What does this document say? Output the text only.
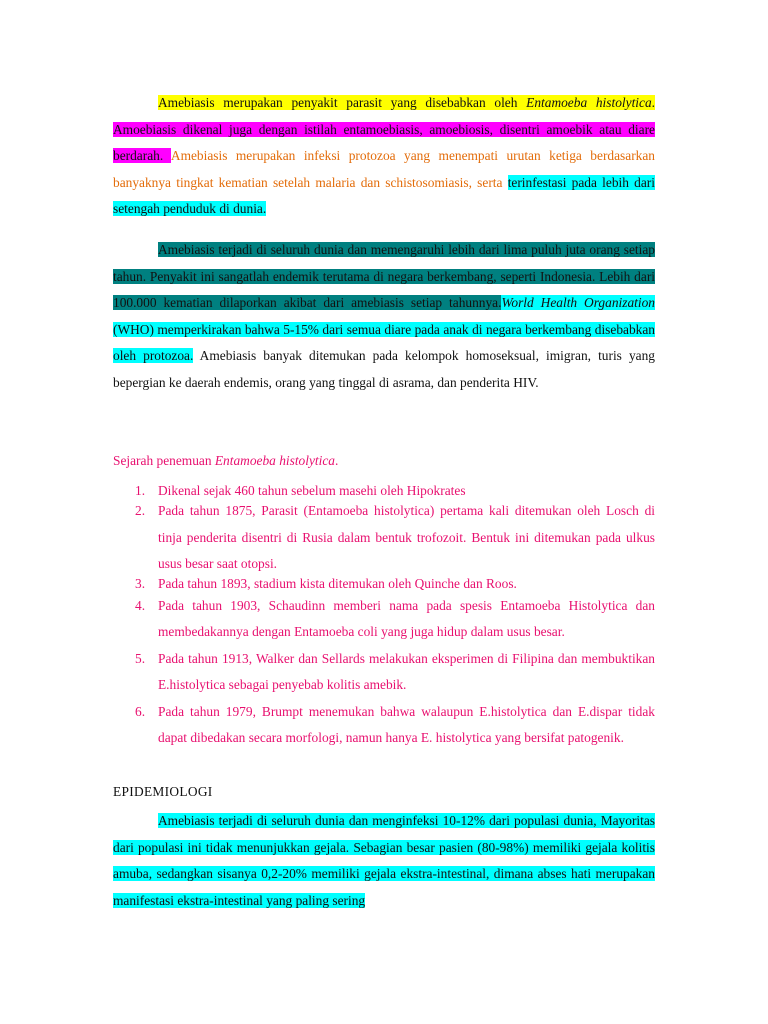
Amebiasis merupakan penyakit parasit yang disebabkan oleh Entamoeba histolytica. Amoebiasis dikenal juga dengan istilah entamoebiasis, amoebiosis, disentri amoebik atau diare berdarah. Amebiasis merupakan infeksi protozoa yang menempati urutan ketiga berdasarkan banyaknya tingkat kematian setelah malaria dan schistosomiasis, serta terinfestasi pada lebih dari setengah penduduk di dunia.

Amebiasis terjadi di seluruh dunia dan memengaruhi lebih dari lima puluh juta orang setiap tahun. Penyakit ini sangatlah endemik terutama di negara berkembang, seperti Indonesia. Lebih dari 100.000 kematian dilaporkan akibat dari amebiasis setiap tahunnya.World Health Organization (WHO) memperkirakan bahwa 5-15% dari semua diare pada anak di negara berkembang disebabkan oleh protozoa. Amebiasis banyak ditemukan pada kelompok homoseksual, imigran, turis yang bepergian ke daerah endemis, orang yang tinggal di asrama, dan penderita HIV.

Sejarah penemuan Entamoeba histolytica.

1. Dikenal sejak 460 tahun sebelum masehi oleh Hipokrates
2. Pada tahun 1875, Parasit (Entamoeba histolytica) pertama kali ditemukan oleh Losch di tinja penderita disentri di Rusia dalam bentuk trofozoit. Bentuk ini ditemukan pada ulkus usus besar saat otopsi.
3. Pada tahun 1893, stadium kista ditemukan oleh Quinche dan Roos.
4. Pada tahun 1903, Schaudinn memberi nama pada spesis Entamoeba Histolytica dan membedakannya dengan Entamoeba coli yang juga hidup dalam usus besar.
5. Pada tahun 1913, Walker dan Sellards melakukan eksperimen di Filipina dan membuktikan E.histolytica sebagai penyebab kolitis amebik.
6. Pada tahun 1979, Brumpt menemukan bahwa walaupun E.histolytica dan E.dispar tidak dapat dibedakan secara morfologi, namun hanya E. histolytica yang bersifat patogenik.

EPIDEMIOLOGI

Amebiasis terjadi di seluruh dunia dan menginfeksi 10-12% dari populasi dunia, Mayoritas dari populasi ini tidak menunjukkan gejala. Sebagian besar pasien (80-98%) memiliki gejala kolitis amuba, sedangkan sisanya 0,2-20% memiliki gejala ekstra-intestinal, dimana abses hati merupakan manifestasi ekstra-intestinal yang paling sering
